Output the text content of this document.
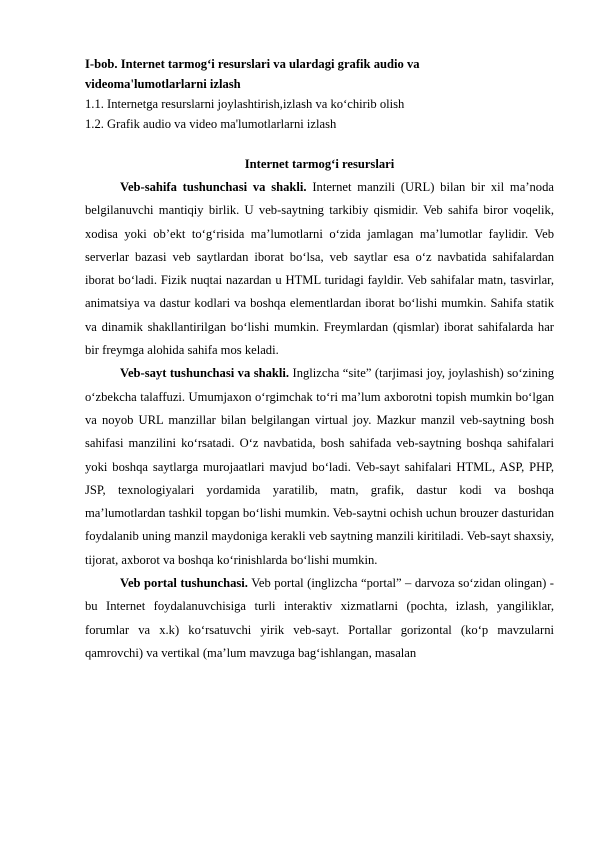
I-bob. Internet tarmog‘i resurslari va ulardagi grafik audio va

videoma'lumotlarlarni izlash

1.1. Internetga resurslarni joylashtirish,izlash va ko‘chirib olish

1.2. Grafik audio va video ma'lumotlarlarni izlash

Internet tarmog‘i resurslari

Veb-sahifa tushunchasi va shakli. Internet manzili (URL) bilan bir xil ma’noda belgilanuvchi mantiqiy birlik. U veb-saytning tarkibiy qismidir. Veb sahifa biror voqelik, xodisa yoki ob’ekt to‘g‘risida ma’lumotlarni o‘zida jamlagan ma’lumotlar faylidir. Veb serverlar bazasi veb saytlardan iborat bo‘lsa, veb saytlar esa o‘z navbatida sahifalardan iborat bo‘ladi. Fizik nuqtai nazardan u HTML turidagi fayldir. Veb sahifalar matn, tasvirlar, animatsiya va dastur kodlari va boshqa elementlardan iborat bo‘lishi mumkin. Sahifa statik va dinamik shakllantirilgan bo‘lishi mumkin. Freymlardan (qismlar) iborat sahifalarda har bir freymga alohida sahifa mos keladi.

Veb-sayt tushunchasi va shakli. Inglizcha “site” (tarjimasi joy, joylashish) so‘zining o‘zbekcha talaffuzi. Umumjaxon o‘rgimchak to‘ri ma’lum axborotni topish mumkin bo‘lgan va noyob URL manzillar bilan belgilangan virtual joy. Mazkur manzil veb-saytning bosh sahifasi manzilini ko‘rsatadi. O‘z navbatida, bosh sahifada veb-saytning boshqa sahifalari yoki boshqa saytlarga murojaatlari mavjud bo‘ladi. Veb-sayt sahifalari HTML, ASP, PHP, JSP, texnologiyalari yordamida yaratilib, matn, grafik, dastur kodi va boshqa ma’lumotlardan tashkil topgan bo‘lishi mumkin. Veb-saytni ochish uchun brouzer dasturidan foydalanib uning manzil maydoniga kerakli veb saytning manzili kiritiladi. Veb-sayt shaxsiy, tijorat, axborot va boshqa ko‘rinishlarda bo‘lishi mumkin.

Veb portal tushunchasi. Veb portal (inglizcha “portal” – darvoza so‘zidan olingan) - bu Internet foydalanuvchisiga turli interaktiv xizmatlarni (pochta, izlash, yangiliklar, forumlar va x.k) ko‘rsatuvchi yirik veb-sayt. Portallar gorizontal (ko‘p mavzularni qamrovchi) va vertikal (ma’lum mavzuga bag‘ishlangan, masalan
